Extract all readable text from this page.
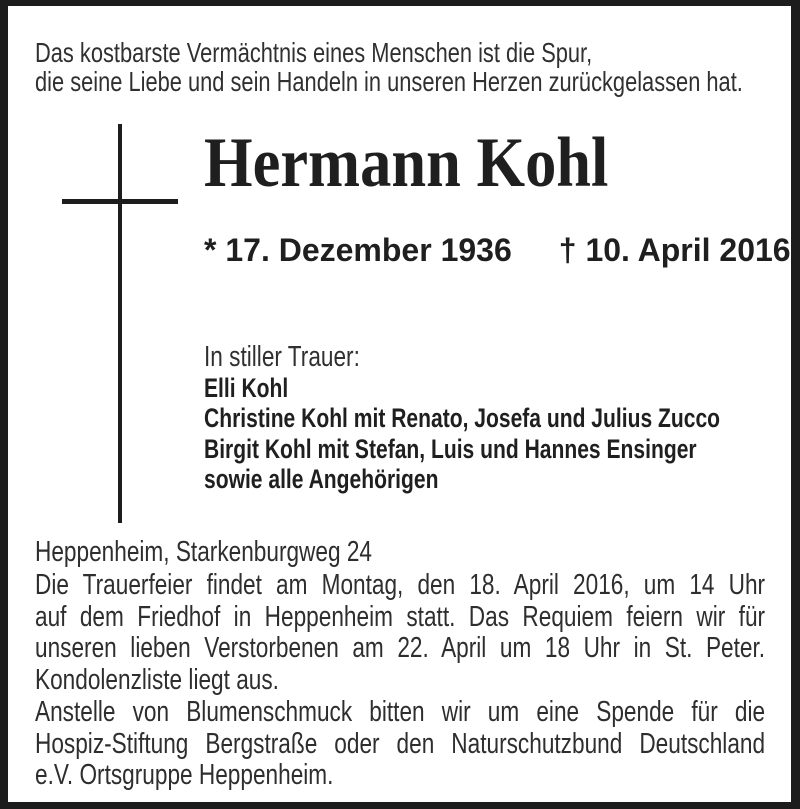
Das kostbarste Vermächtnis eines Menschen ist die Spur,
die seine Liebe und sein Handeln in unseren Herzen zurückgelassen hat.
Hermann Kohl
* 17. Dezember 1936 † 10. April 2016
In stiller Trauer:
Elli Kohl
Christine Kohl mit Renato, Josefa und Julius Zucco
Birgit Kohl mit Stefan, Luis und Hannes Ensinger
sowie alle Angehörigen
Heppenheim, Starkenburgweg 24
Die Trauerfeier findet am Montag, den 18. April 2016, um 14 Uhr
auf dem Friedhof in Heppenheim statt. Das Requiem feiern wir für
unseren lieben Verstorbenen am 22. April um 18 Uhr in St. Peter.
Kondolenzliste liegt aus.
Anstelle von Blumenschmuck bitten wir um eine Spende für die
Hospiz-Stiftung Bergstraße oder den Naturschutzbund Deutschland
e.V. Ortsgruppe Heppenheim.
